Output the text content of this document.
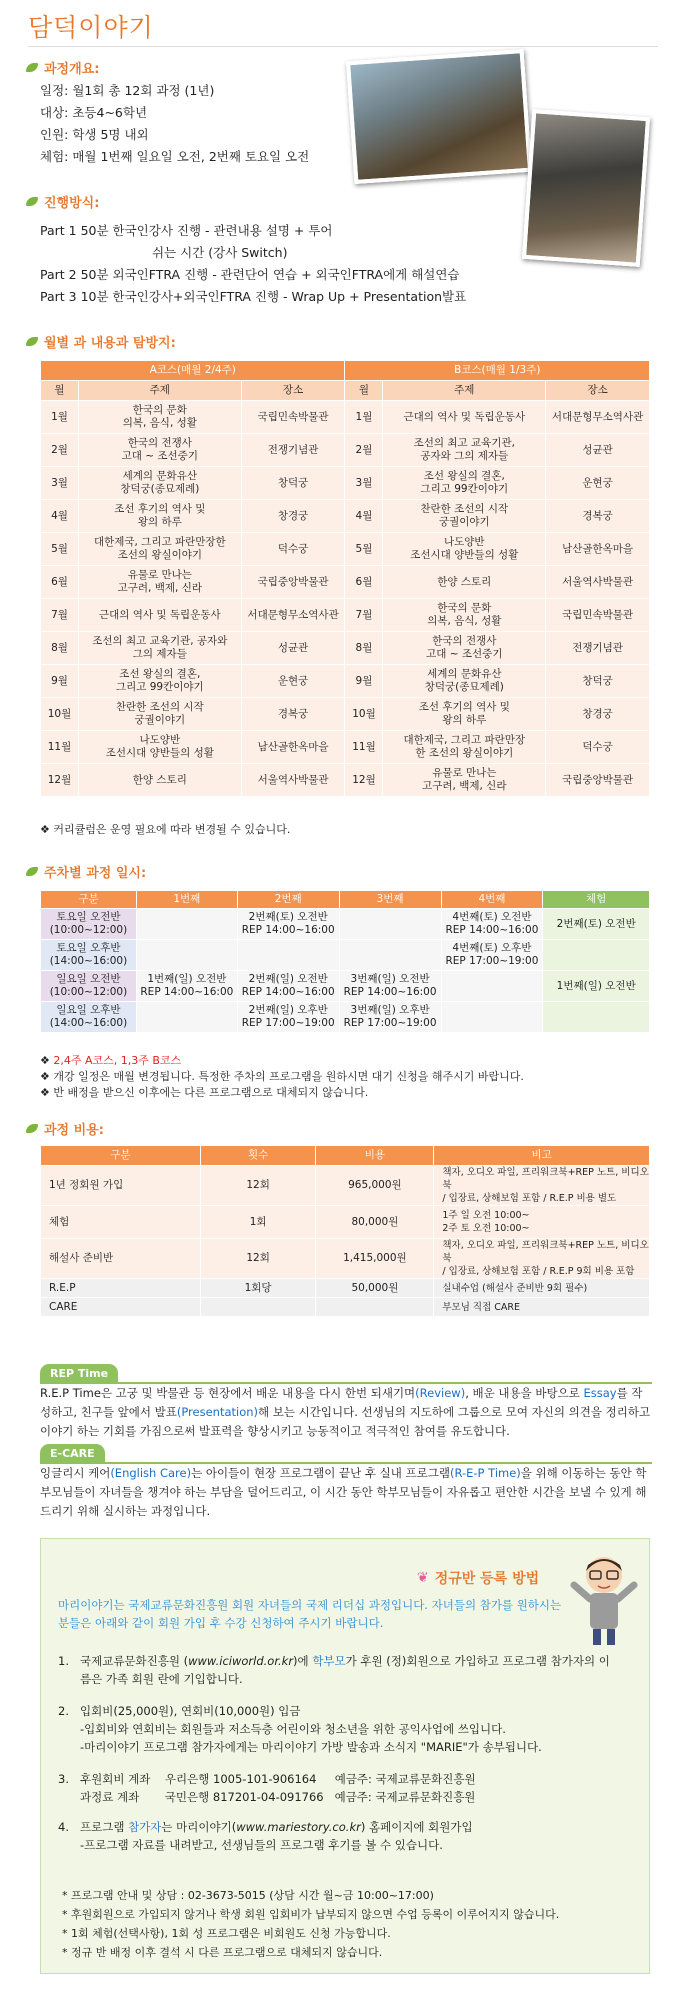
담덕이야기
과정개요:
일정: 월1회 총 12회 과정 (1년)
대상: 초등4~6학년
인원: 학생 5명 내외
체험: 매월 1번째 일요일 오전, 2번째 토요일 오전
진행방식:
Part 1 50분 한국인강사 진행 - 관련내용 설명 + 투어
쉬는 시간 (강사 Switch)
Part 2 50분 외국인FTRA 진행 - 관련단어 연습 + 외국인FTRA에게 해설연습
Part 3 10분 한국인강사+외국인FTRA 진행 - Wrap Up + Presentation발표
월별 과 내용과 탐방지:
A코스(매월 2/4주)			B코스(매월 1/3주)		
월	주제	장소	월	주제	장소
1월	한국의 문화
의복, 음식, 성활	국립민속박물관	1월	근대의 역사 및 독립운동사	서대문형무소역사관
2월	한국의 전쟁사
고대 ~ 조선중기	전쟁기념관	2월	조선의 최고 교육기관,
공자와 그의 제자들	성균관
3월	세계의 문화유산
창덕궁(종묘제례)	창덕궁	3월	조선 왕실의 결혼,
그리고 99칸이야기	운현궁
4월	조선 후기의 역사 및
왕의 하루	창경궁	4월	찬란한 조선의 시작
궁궐이야기	경복궁
5월	대한제국, 그리고 파란만장한
조선의 왕실이야기	덕수궁	5월	나도양반
조선시대 양반들의 성활	남산골한옥마을
6월	유물로 만나는
고구려, 백제, 신라	국립중앙박물관	6월	한양 스토리	서울역사박물관
7월	근대의 역사 및 독립운동사	서대문형무소역사관	7월	한국의 문화
의복, 음식, 성활	국립민속박물관
8월	조선의 최고 교육기관, 공자와
그의 제자들	성균관	8월	한국의 전쟁사
고대 ~ 조선중기	전쟁기념관
9월	조선 왕실의 결혼,
그리고 99칸이야기	운현궁	9월	세계의 문화유산
창덕궁(종묘제례)	창덕궁
10월	찬란한 조선의 시작
궁궐이야기	경복궁	10월	조선 후기의 역사 및
왕의 하루	창경궁
11월	나도양반
조선시대 양반들의 성활	남산골한옥마을	11월	대한제국, 그리고 파란만장
한 조선의 왕실이야기	덕수궁
12월	한양 스토리	서울역사박물관	12월	유물로 만나는
고구려, 백제, 신라	국립중앙박물관
❖ 커리큘럼은 운영 필요에 따라 변경될 수 있습니다.
주차별 과정 일시:
구분	1번째	2번째	3번째	4번째	체험
토요일 오전반
(10:00~12:00)		2번째(토) 오전반
REP 14:00~16:00		4번째(토) 오전반
REP 14:00~16:00	2번째(토) 오전반
토요일 오후반
(14:00~16:00)				4번째(토) 오후반
REP 17:00~19:00	
일요일 오전반
(10:00~12:00)	1번째(일) 오전반
REP 14:00~16:00	2번째(일) 오전반
REP 14:00~16:00	3번째(일) 오전반
REP 14:00~16:00		1번째(일) 오전반
일요일 오후반
(14:00~16:00)		2번째(일) 오후반
REP 17:00~19:00	3번째(일) 오후반
REP 17:00~19:00		
❖ 2,4주 A코스, 1,3주 B코스
❖ 개강 일정은 매월 변경됩니다. 특정한 주차의 프로그램을 원하시면 대기 신청을 해주시기 바랍니다.
❖ 반 배정을 받으신 이후에는 다른 프로그램으로 대체되지 않습니다.
과정 비용:
구분	횟수	비용	비고
1년 정회원 가입	12회	965,000원	책자, 오디오 파일, 프리워크북+REP 노트, 비디오북
/ 입장료, 상해보험 포함 / R.E.P 비용 별도
체험	1회	80,000원	1주 일 오전 10:00~
2주 토 오전 10:00~
해설사 준비반	12회	1,415,000원	책자, 오디오 파일, 프리워크북+REP 노트, 비디오북
/ 입장료, 상해보험 포함 / R.E.P 9회 비용 포함
R.E.P	1회당	50,000원	실내수업 (해설사 준비반 9회 필수)
CARE			부모님 직접 CARE
REP Time

R.E.P Time은 고궁 및 박물관 등 현장에서 배운 내용을 다시 한번 되새기며(Review), 배운 내용을 바탕으로 Essay를 작성하고, 친구들 앞에서 발표(Presentation)해 보는 시간입니다. 선생님의 지도하에 그룹으로 모여 자신의 의견을 정리하고 이야기 하는 기회를 가짐으로써 발표력을 향상시키고 능동적이고 적극적인 참여를 유도합니다.

E-CARE

잉글리시 케어(English Care)는 아이들이 현장 프로그램이 끝난 후 실내 프로그램(R-E-P Time)을 위해 이동하는 동안 학부모님들이 자녀들을 챙겨야 하는 부담을 덜어드리고, 이 시간 동안 학부모님들이 자유롭고 편안한 시간을 보낼 수 있게 해 드리기 위해 실시하는 과정입니다.

❦ 정규반 등록 방법
마리이야기는 국제교류문화진흥원 회원 자녀들의 국제 리더십 과정입니다. 자녀들의 참가를 원하시는 분들은 아래와 같이 회원 가입 후 수강 신청하여 주시기 바랍니다.
1. 국제교류문화진흥원 (www.iciworld.or.kr)에 학부모가 후원 (정)회원으로 가입하고 프로그램 참가자의 이름은 가족 회원 란에 기입합니다.
2. 입회비(25,000원), 연회비(10,000원) 입금
-입회비와 연회비는 회원들과 저소득층 어린이와 청소년을 위한 공익사업에 쓰입니다.
-마리이야기 프로그램 참가자에게는 마리이야기 가방 발송과 소식지 "MARIE"가 송부됩니다.
3. 후원회비 계좌    우리은행 1005-101-906164     예금주: 국제교류문화진흥원
과정료 계좌       국민은행 817201-04-091766   예금주: 국제교류문화진흥원
4. 프로그램 참가자는 마리이야기(www.mariestory.co.kr) 홈페이지에 회원가입
-프로그램 자료를 내려받고, 선생님들의 프로그램 후기를 볼 수 있습니다.
* 프로그램 안내 및 상담 : 02-3673-5015 (상담 시간 월~금 10:00~17:00)
* 후원회원으로 가입되지 않거나 학생 회원 입회비가 납부되지 않으면 수업 등록이 이루어지지 않습니다.
* 1회 체험(선택사항), 1회 성 프로그램은 비회원도 신청 가능합니다.
* 정규 반 배정 이후 결석 시 다른 프로그램으로 대체되지 않습니다.
